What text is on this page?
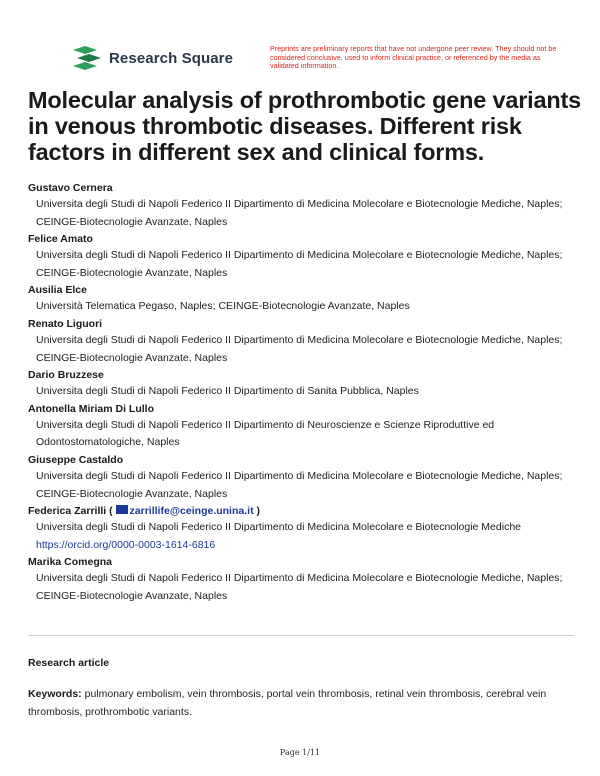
Research Square
Preprints are preliminary reports that have not undergone peer review. They should not be considered conclusive, used to inform clinical practice, or referenced by the media as validated information.
Molecular analysis of prothrombotic gene variants in venous thrombotic diseases. Different risk factors in different sex and clinical forms.
Gustavo Cernera
Universita degli Studi di Napoli Federico II Dipartimento di Medicina Molecolare e Biotecnologie Mediche, Naples; CEINGE-Biotecnologie Avanzate, Naples
Felice Amato
Universita degli Studi di Napoli Federico II Dipartimento di Medicina Molecolare e Biotecnologie Mediche, Naples; CEINGE-Biotecnologie Avanzate, Naples
Ausilia Elce
Università Telematica Pegaso, Naples; CEINGE-Biotecnologie Avanzate, Naples
Renato Liguori
Universita degli Studi di Napoli Federico II Dipartimento di Medicina Molecolare e Biotecnologie Mediche, Naples; CEINGE-Biotecnologie Avanzate, Naples
Dario Bruzzese
Universita degli Studi di Napoli Federico II Dipartimento di Sanita Pubblica, Naples
Antonella Miriam Di Lullo
Universita degli Studi di Napoli Federico II Dipartimento di Neuroscienze e Scienze Riproduttive ed Odontostomatologiche, Naples
Giuseppe Castaldo
Universita degli Studi di Napoli Federico II Dipartimento di Medicina Molecolare e Biotecnologie Mediche, Naples; CEINGE-Biotecnologie Avanzate, Naples
Federica Zarrilli ( zarrillife@ceinge.unina.it )
Universita degli Studi di Napoli Federico II Dipartimento di Medicina Molecolare e Biotecnologie Mediche
https://orcid.org/0000-0003-1614-6816
Marika Comegna
Universita degli Studi di Napoli Federico II Dipartimento di Medicina Molecolare e Biotecnologie Mediche, Naples; CEINGE-Biotecnologie Avanzate, Naples
Research article
Keywords: pulmonary embolism, vein thrombosis, portal vein thrombosis, retinal vein thrombosis, cerebral vein thrombosis, prothrombotic variants.
Page 1/11
